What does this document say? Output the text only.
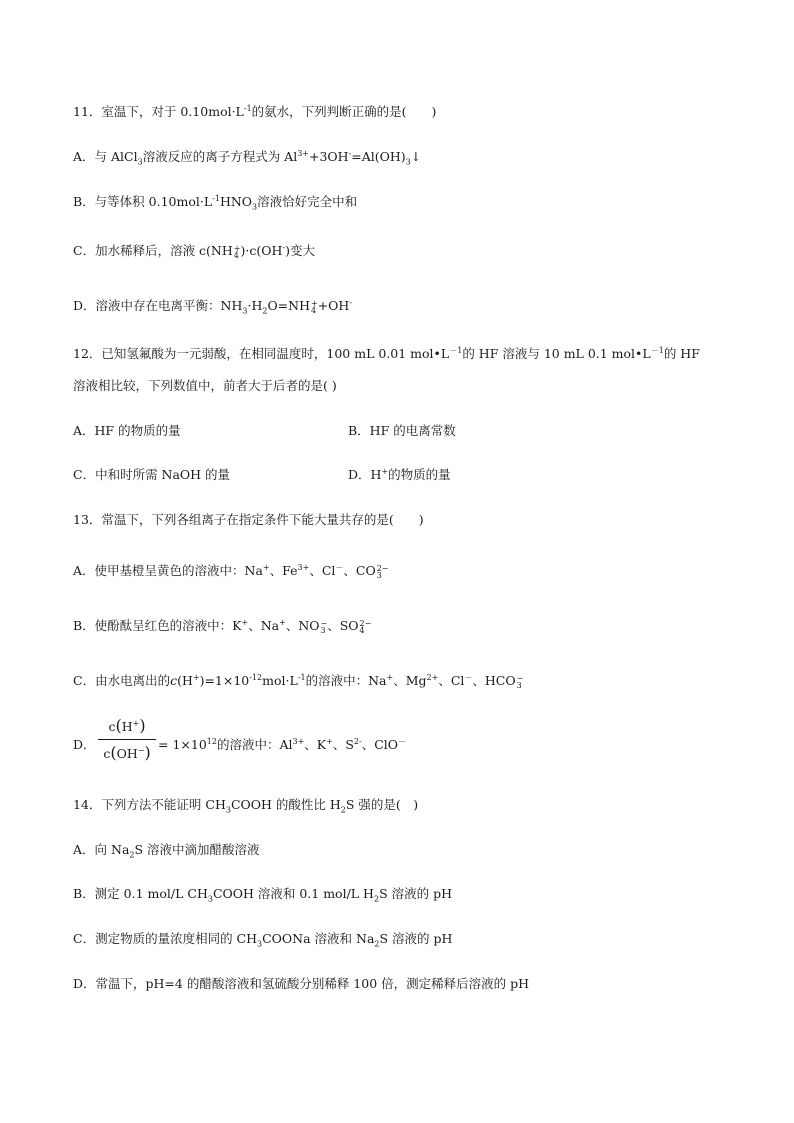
11．室温下，对于 $0.10mol\cdot L^{-1}$的氨水，下列判断正确的是(　　)
A．与 AlCl$_3$溶液反应的离子方程式为 $Al^{3+}+3OH^-=Al(OH)_3↓$
B．与等体积 $0.10mol\cdot L^{-1}HNO_3$溶液恰好完全中和
C．加水稀释后，溶液 c(NH +
4 )·c(OH-)变大
D．溶液中存在电离平衡：$NH_3\cdot H_2O=NH$ +
4 +OH-
12．已知氢氟酸为一元弱酸，在相同温度时，100 mL 0.01 $mol•L^{-1}$的 HF 溶液与 10 mL 0.1 $mol•L^{-1}$的 HF
溶液相比较，下列数值中，前者大于后者的是( )
A．HF 的物质的量	B．HF 的电离常数
C．中和时所需 NaOH 的量	D．H+的物质的量
13．常温下，下列各组离子在指定条件下能大量共存的是(　　)
A．使甲基橙呈黄色的溶液中：Na+、$Fe^{3+}$、Cl－、CO 2−
3
B．使酚酞呈红色的溶液中：K+、Na+、NO −
3 、SO 2−
4
C．由水电离出的$c(H^+)=1\times 10^{-12}mol\cdot L^{-1}$的溶液中：Na+、$Mg^{2+}$、Cl－、HCO −
3
D．
c(H+)
$c(OH^-) = 1\times 10^{12}$的溶液中：$Al^{3+}$、K+、$S^{2-}$、ClO－
14．下列方法不能证明 $CH_3COOH$ 的酸性比 $H_2S$ 强的是(　)
A．向 $Na_2S$ 溶液中滴加醋酸溶液
B．测定 0.1 mol/L $CH_3COOH$ 溶液和 0.1 mol/L $H_2S$ 溶液的 pH
C．测定物质的量浓度相同的 $CH_3COONa$ 溶液和 $Na_2S$ 溶液的 pH
D．常温下，pH=4 的醋酸溶液和氢硫酸分别稀释 100 倍，测定稀释后溶液的 pH
